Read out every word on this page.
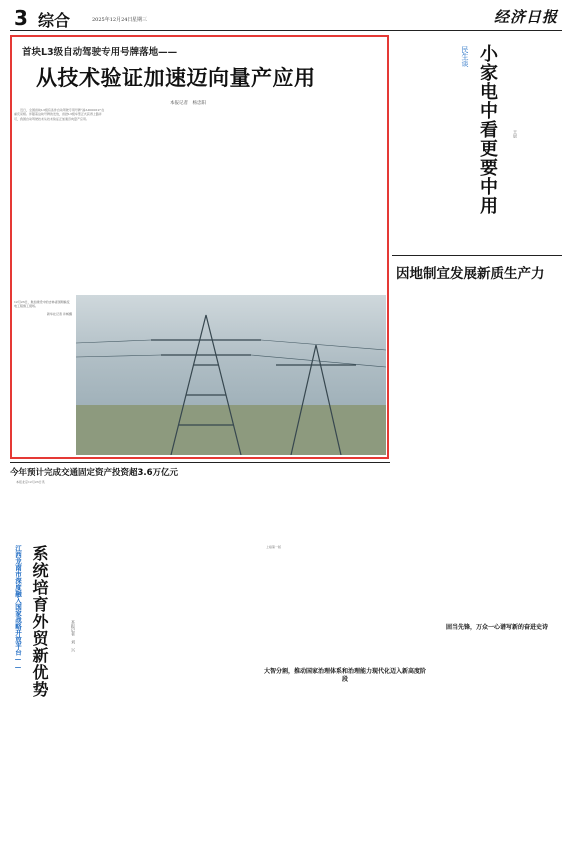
3 综合	2025年12月24日 星期三	经济日报
首块L3级自动驾驶专用号牌落地——
从技术验证加速迈向量产应用
本报记者　杨忠阳

近日，全国首块L3级有条件自动驾驶专用号牌“渝AD0001Z”在重庆亮相。伴随着这块号牌的发放，首批L3级车型正式获得上路许可，我国自动驾驶技术从技术验证正加速迈向量产应用。

12月23日，航拍建设中的吉林省国网输变电工程施工现场。
新华社记者 许畅摄
民生谈 小家电中看更要中用	王辰
因地制宜发展新质生产力
今年预计完成交通固定资产投资超3.6万亿元

本报北京12月23日讯

江西龙南市深度融入国家战略开放平台—— 系统培育外贸新优势	本报记者　刘　兴

上接第一版

大智分割，推动国家治理体系和治理能力现代化迈入新高度阶段
固当先锋，万众一心谱写新的奋进史诗
